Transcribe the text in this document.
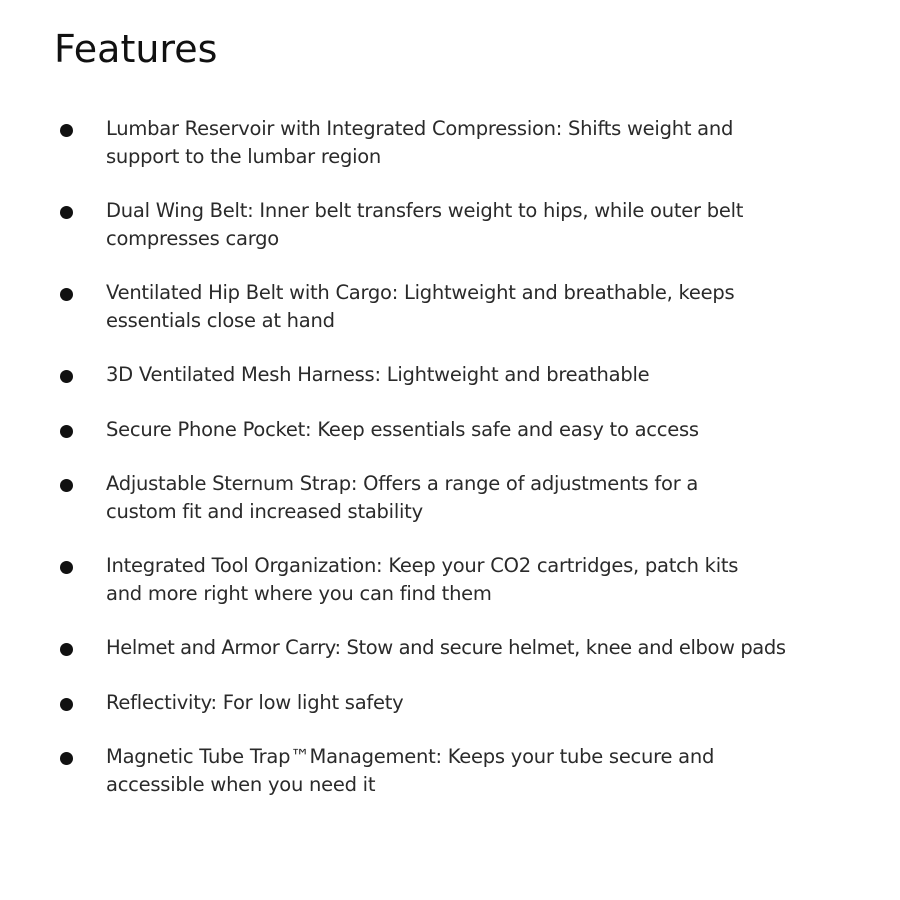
Features
Lumbar Reservoir with Integrated Compression: Shifts weight and support to the lumbar region
Dual Wing Belt: Inner belt transfers weight to hips, while outer belt compresses cargo
Ventilated Hip Belt with Cargo: Lightweight and breathable, keeps essentials close at hand
3D Ventilated Mesh Harness: Lightweight and breathable
Secure Phone Pocket: Keep essentials safe and easy to access
Adjustable Sternum Strap: Offers a range of adjustments for a custom fit and increased stability
Integrated Tool Organization: Keep your CO2 cartridges, patch kits and more right where you can find them
Helmet and Armor Carry: Stow and secure helmet, knee and elbow pads
Reflectivity: For low light safety
Magnetic Tube Trap™Management: Keeps your tube secure and accessible when you need it
